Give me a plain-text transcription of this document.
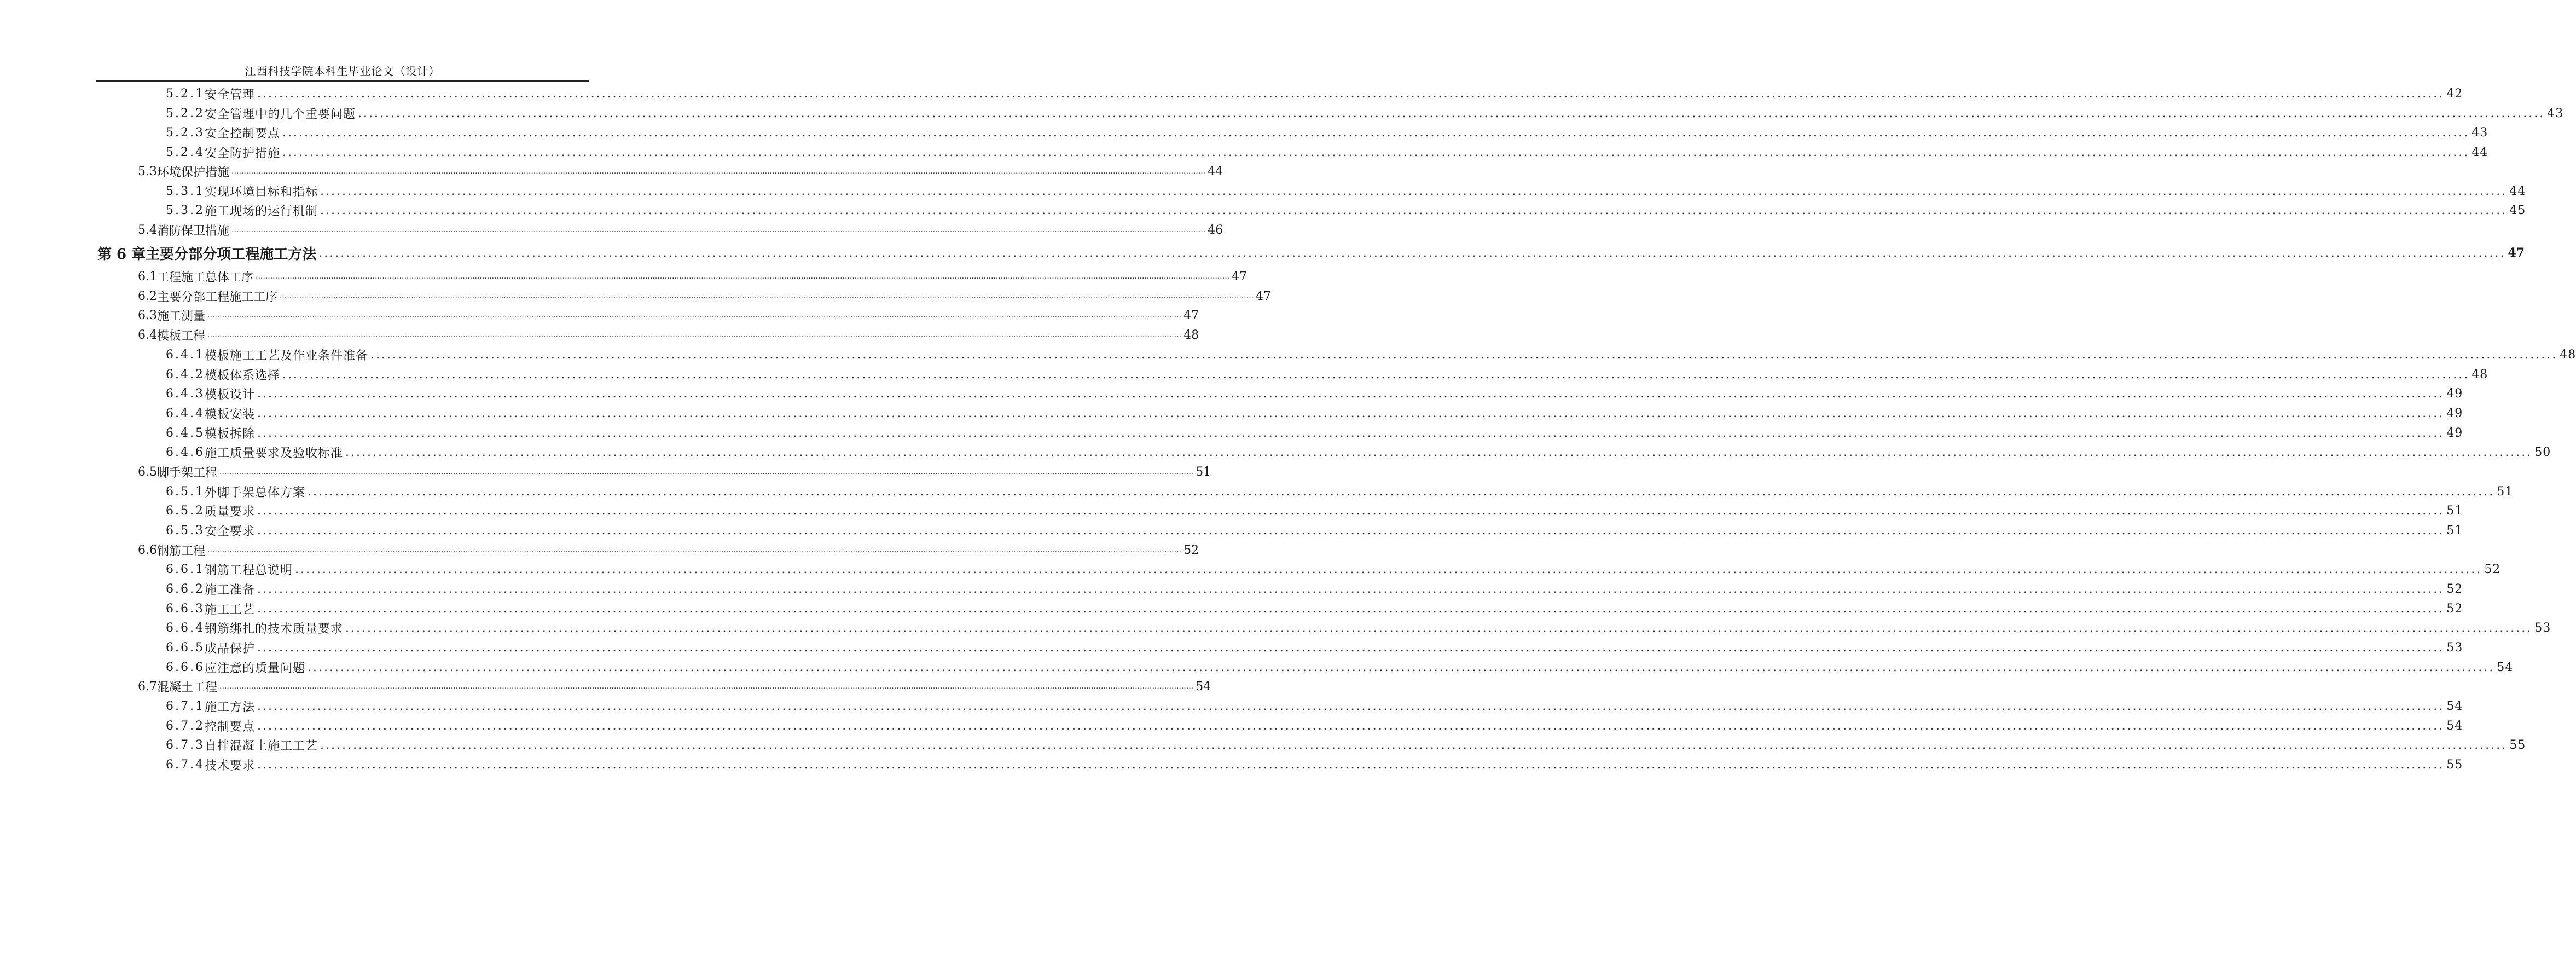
江西科技学院本科生毕业论文（设计）
5.2.1 安全管理 ................................................................................................................................................................................................................................................................................................................................................................................................................ 42
5.2.2 安全管理中的几个重要问题 ................................................................................................................................................................................................................................................................................................................................................................................................................ 43
5.2.3 安全控制要点 ................................................................................................................................................................................................................................................................................................................................................................................................................ 43
5.2.4 安全防护措施 ................................................................................................................................................................................................................................................................................................................................................................................................................ 44
5.3 环境保护措施 ................................................................................................................................................................................................................................................................................................................................................................................................................ 44
5.3.1 实现环境目标和指标 ................................................................................................................................................................................................................................................................................................................................................................................................................ 44
5.3.2 施工现场的运行机制 ................................................................................................................................................................................................................................................................................................................................................................................................................ 45
5.4 消防保卫措施 ................................................................................................................................................................................................................................................................................................................................................................................................................ 46
第 6 章 主要分部分项工程施工方法 ................................................................................................................................................................................................................................................................................................................................................................................................................ 47
6.1 工程施工总体工序 ................................................................................................................................................................................................................................................................................................................................................................................................................ 47
6.2 主要分部工程施工工序 ................................................................................................................................................................................................................................................................................................................................................................................................................ 47
6.3 施工测量 ................................................................................................................................................................................................................................................................................................................................................................................................................ 47
6.4 模板工程 ................................................................................................................................................................................................................................................................................................................................................................................................................ 48
6.4.1 模板施工工艺及作业条件准备 ................................................................................................................................................................................................................................................................................................................................................................................................................ 48
6.4.2 模板体系选择 ................................................................................................................................................................................................................................................................................................................................................................................................................ 48
6.4.3 模板设计 ................................................................................................................................................................................................................................................................................................................................................................................................................ 49
6.4.4 模板安装 ................................................................................................................................................................................................................................................................................................................................................................................................................ 49
6.4.5 模板拆除 ................................................................................................................................................................................................................................................................................................................................................................................................................ 49
6.4.6 施工质量要求及验收标准 ................................................................................................................................................................................................................................................................................................................................................................................................................ 50
6.5 脚手架工程 ................................................................................................................................................................................................................................................................................................................................................................................................................ 51
6.5.1 外脚手架总体方案 ................................................................................................................................................................................................................................................................................................................................................................................................................ 51
6.5.2 质量要求 ................................................................................................................................................................................................................................................................................................................................................................................................................ 51
6.5.3 安全要求 ................................................................................................................................................................................................................................................................................................................................................................................................................ 51
6.6 钢筋工程 ................................................................................................................................................................................................................................................................................................................................................................................................................ 52
6.6.1 钢筋工程总说明 ................................................................................................................................................................................................................................................................................................................................................................................................................ 52
6.6.2 施工准备 ................................................................................................................................................................................................................................................................................................................................................................................................................ 52
6.6.3 施工工艺 ................................................................................................................................................................................................................................................................................................................................................................................................................ 52
6.6.4 钢筋绑扎的技术质量要求 ................................................................................................................................................................................................................................................................................................................................................................................................................ 53
6.6.5 成品保护 ................................................................................................................................................................................................................................................................................................................................................................................................................ 53
6.6.6 应注意的质量问题 ................................................................................................................................................................................................................................................................................................................................................................................................................ 54
6.7 混凝土工程 ................................................................................................................................................................................................................................................................................................................................................................................................................ 54
6.7.1 施工方法 ................................................................................................................................................................................................................................................................................................................................................................................................................ 54
6.7.2 控制要点 ................................................................................................................................................................................................................................................................................................................................................................................................................ 54
6.7.3 自拌混凝土施工工艺 ................................................................................................................................................................................................................................................................................................................................................................................................................ 55
6.7.4 技术要求 ................................................................................................................................................................................................................................................................................................................................................................................................................ 55
